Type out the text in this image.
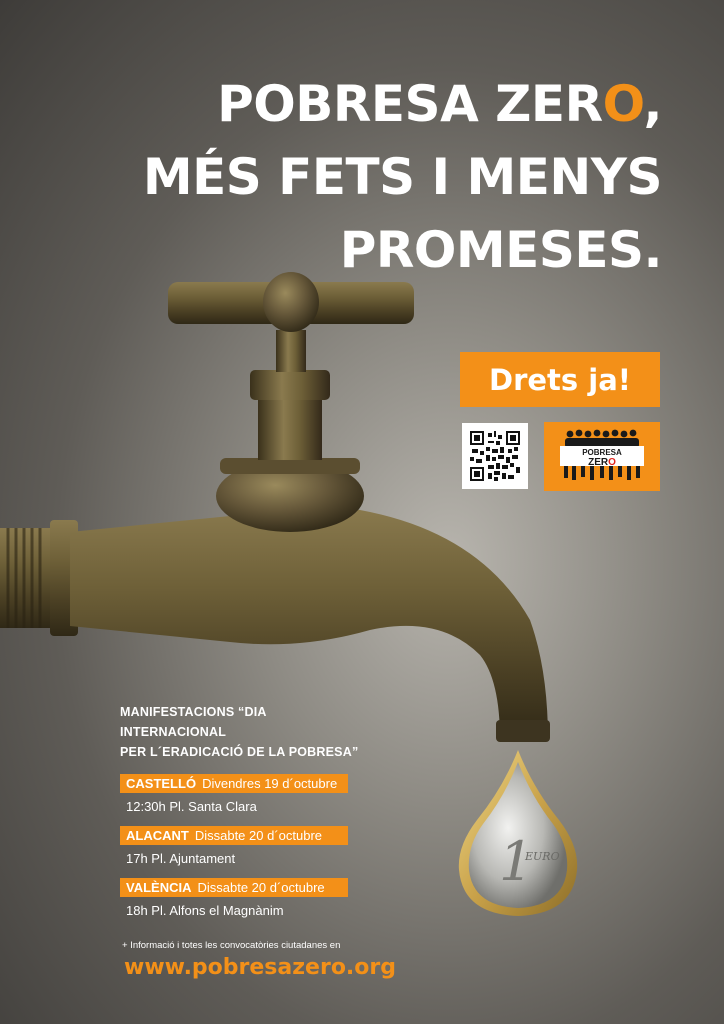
POBRESA ZERO,
MÉS FETS I MENYS
PROMESES.
1
EURO
Drets ja!
POBRESA
ZERO
MANIFESTACIONS “DIA INTERNACIONAL
PER L´ERADICACIÓ DE LA POBRESA”
CASTELLÓ Divendres 19 d´octubre
12:30h Pl. Santa Clara
ALACANT Dissabte 20 d´octubre
17h Pl. Ajuntament
VALÈNCIA Dissabte 20 d´octubre
18h Pl. Alfons el Magnànim
+ Informació i totes les convocatòries ciutadanes en
www.pobresazero.org
